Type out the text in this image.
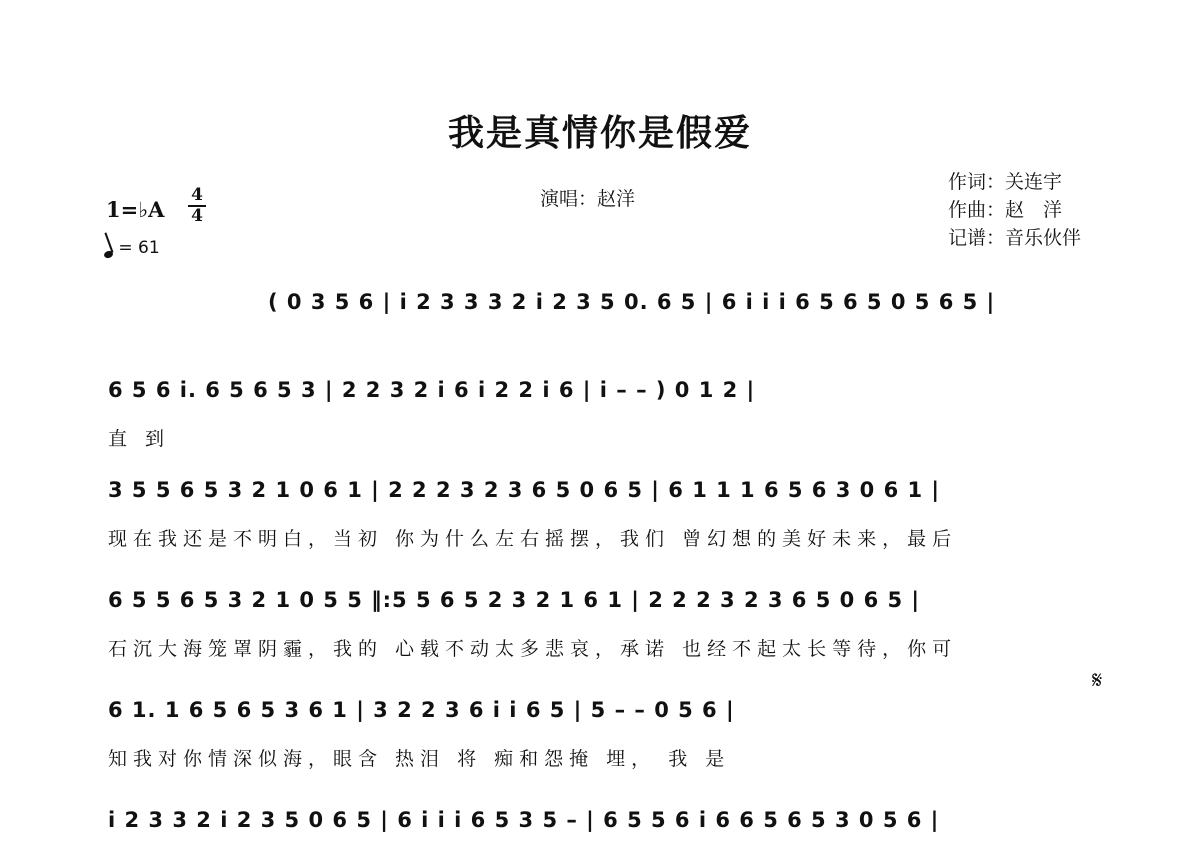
我是真情你是假爱
演唱：赵洋
作词：关连宇
作曲：赵　洋
记谱：音乐伙伴
1=♭A
4
4
= 61
( 0 3 5 6 | i 2 3 3 3 2 i 2 3 5 0. 6 5 | 6 i i i 6 5 6 5 0 5 6 5 |
6 5 6 i. 6 5 6 5 3 | 2 2 3 2 i 6 i 2 2 i 6 | i – – ) 0 1 2 |
直 到
3 5 5 6 5 3 2 1 0 6 1 | 2 2 2 3 2 3 6 5 0 6 5 | 6 1 1 1 6 5 6 3 0 6 1 |
现在我还是不明白，当初 你为什么左右摇摆，我们 曾幻想的美好未来，最后
6 5 5 6 5 3 2 1 0 5 5 ‖:5 5 6 5 2 3 2 1 6 1 | 2 2 2 3 2 3 6 5 0 6 5 |
石沉大海笼罩阴霾，我的 心载不动太多悲哀，承诺 也经不起太长等待，你可
6 1. 1 6 5 6 5 3 6 1 | 3 2 2 3 6 i i 6 5 | 5 – – 0 5 6 |
知我对你情深似海，眼含 热泪 将 痴和怨掩 埋， 我 是
i 2 3 3 2 i 2 3 5 0 6 5 | 6 i i i 6 5 3 5 – | 6 5 5 6 i 6 6 5 6 5 3 0 5 6 |
𝄋
